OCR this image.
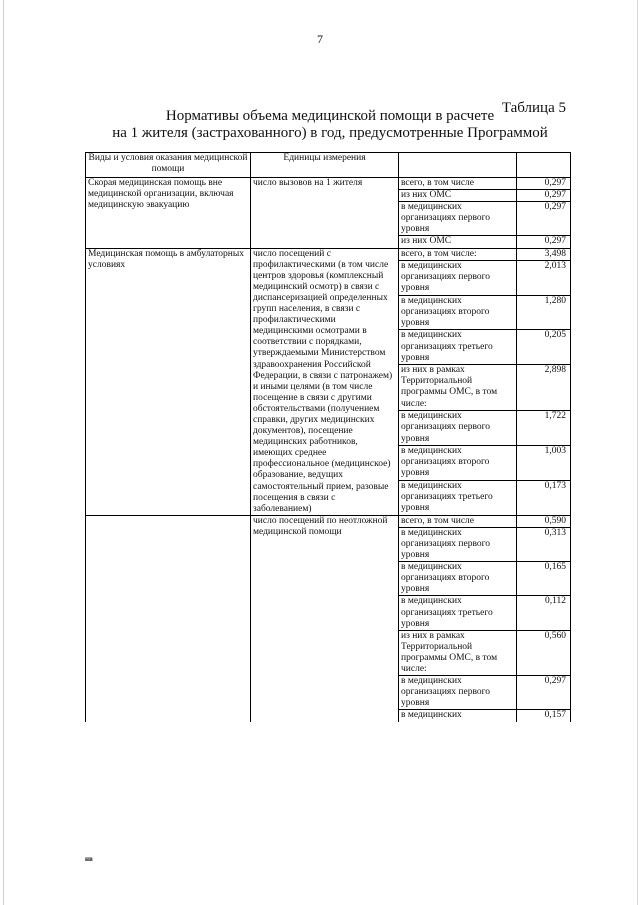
7
Таблица 5
Нормативы объема медицинской помощи в расчете
на 1 жителя (застрахованного) в год, предусмотренные Программой
Виды и условия оказания медицинской помощи	Единицы измерения		
Скорая медицинская помощь вне медицинской организации, включая медицинскую эвакуацию	число вызовов на 1 жителя	всего, в том числе	0,297
		из них ОМС	0,297
		в медицинских организациях первого уровня	0,297
		из них ОМС	0,297
Медицинская помощь в амбулаторных условиях	число посещений с профилактическими (в том числе центров здоровья (комплексный медицинский осмотр) в связи с диспансеризацией определенных групп населения, в связи с профилактическими медицинскими осмотрами в соответствии с порядками, утверждаемыми Министерством здравоохранения Российской Федерации, в связи с патронажем) и иными целями (в том числе посещение в связи с другими обстоятельствами (получением справки, других медицинских документов), посещение медицинских работников, имеющих среднее профессиональное (медицинское) образование, ведущих самостоятельный прием, разовые посещения в связи с заболеванием)	всего, в том числе:	3,498
		в медицинских организациях первого уровня	2,013
		в медицинских организациях второго уровня	1,280
		в медицинских организациях третьего уровня	0,205
		из них в рамках Территориальной программы ОМС, в том числе:	2,898
		в медицинских организациях первого уровня	1,722
		в медицинских организациях второго уровня	1,003
		в медицинских организациях третьего уровня	0,173
	число посещений по неотложной медицинской помощи	всего, в том числе	0,590
		в медицинских организациях первого уровня	0,313
		в медицинских организациях второго уровня	0,165
		в медицинских организациях третьего уровня	0,112
		из них в рамках Территориальной программы ОМС, в том числе:	0,560
		в медицинских организациях первого уровня	0,297
		в медицинских	0,157
нв
